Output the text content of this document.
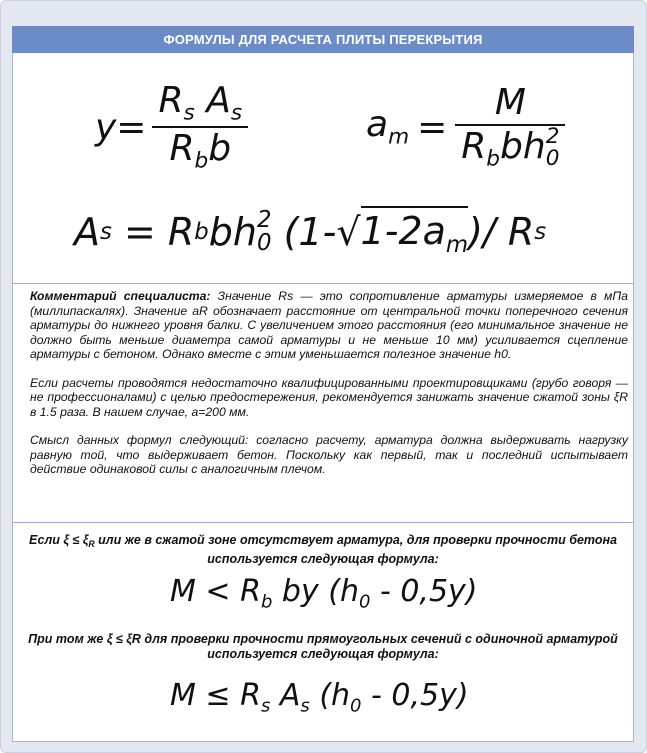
ФОРМУЛЫ ДЛЯ РАСЧЕТА ПЛИТЫ ПЕРЕКРЫТИЯ
$y= \frac{R_s A_s}{R_bb}$	$a_m = M$
$R_bbh$ 2
0
A s = R b bh 2
0 (1- √ $1-2a_m$ )/ R s

Комментарий специалиста: Значение Rs — это сопротивление арматуры измеряемое в мПа (миллипаскалях). Значение aR обозначает расстояние от центральной точки поперечного сечения арматуры до нижнего уровня балки. С увеличением этого расстояния (его минимальное значение не должно быть меньше диаметра самой арматуры и не меньше 10 мм) усиливается сцепление арматуры с бетоном. Однако вместе с этим уменьшается полезное значение h0.

Если расчеты проводятся недостаточно квалифицированными проектировщиками (грубо говоря — не профессионалами) с целью предостережения, рекомендуется занижать значение сжатой зоны ξR в 1.5 раза. В нашем случае, a=200 мм.

Смысл данных формул следующий: согласно расчету, арматура должна выдерживать нагрузку равную той, что выдерживает бетон. Поскольку как первый, так и последний испытывает действие одинаковой силы с аналогичным плечом.

Если $\xi \le \xi_R$ или же в сжатой зоне отсутствует арматура, для проверки прочности бетона используется следующая формула:
$M < R_b$ by $(h_0 - 0,5y)$
При том же ξ ≤ ξR для проверки прочности прямоугольных сечений с одиночной арматурой используется следующая формула:
$M \le R_s$ $A_s$ $(h_0 - 0,5y)$
